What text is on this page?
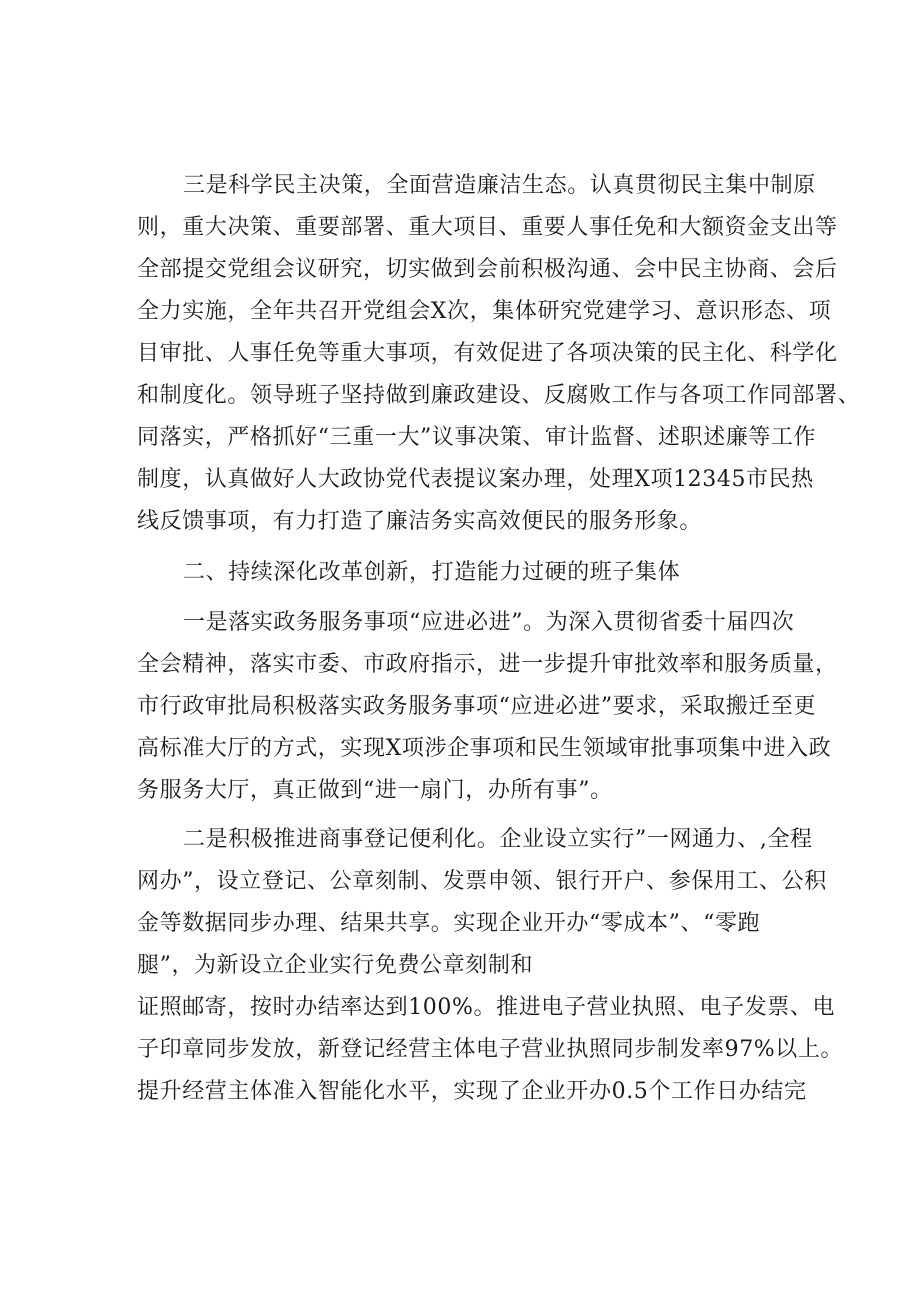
三是科学民主决策，全面营造廉洁生态。认真贯彻民主集中制原
则，重大决策、重要部署、重大项目、重要人事任免和大额资金支出等
全部提交党组会议研究，切实做到会前积极沟通、会中民主协商、会后
全力实施，全年共召开党组会X次，集体研究党建学习、意识形态、项
目审批、人事任免等重大事项，有效促进了各项决策的民主化、科学化
和制度化。领导班子坚持做到廉政建设、反腐败工作与各项工作同部署、
同落实，严格抓好“三重一大”议事决策、审计监督、述职述廉等工作
制度，认真做好人大政协党代表提议案办理，处理X项12345市民热
线反馈事项，有力打造了廉洁务实高效便民的服务形象。
二、持续深化改革创新，打造能力过硬的班子集体
一是落实政务服务事项“应进必进”。为深入贯彻省委十届四次
全会精神，落实市委、市政府指示，进一步提升审批效率和服务质量，
市行政审批局积极落实政务服务事项“应进必进”要求，采取搬迁至更
高标准大厅的方式，实现X项涉企事项和民生领域审批事项集中进入政
务服务大厅，真正做到“进一扇门，办所有事”。
二是积极推进商事登记便利化。企业设立实行”一网通力、,全程
网办”，设立登记、公章刻制、发票申领、银行开户、参保用工、公积
金等数据同步办理、结果共享。实现企业开办“零成本”、“零跑
腿”，为新设立企业实行免费公章刻制和
证照邮寄，按时办结率达到100%。推进电子营业执照、电子发票、电
子印章同步发放，新登记经营主体电子营业执照同步制发率97%以上。
提升经营主体准入智能化水平，实现了企业开办0.5个工作日办结完
